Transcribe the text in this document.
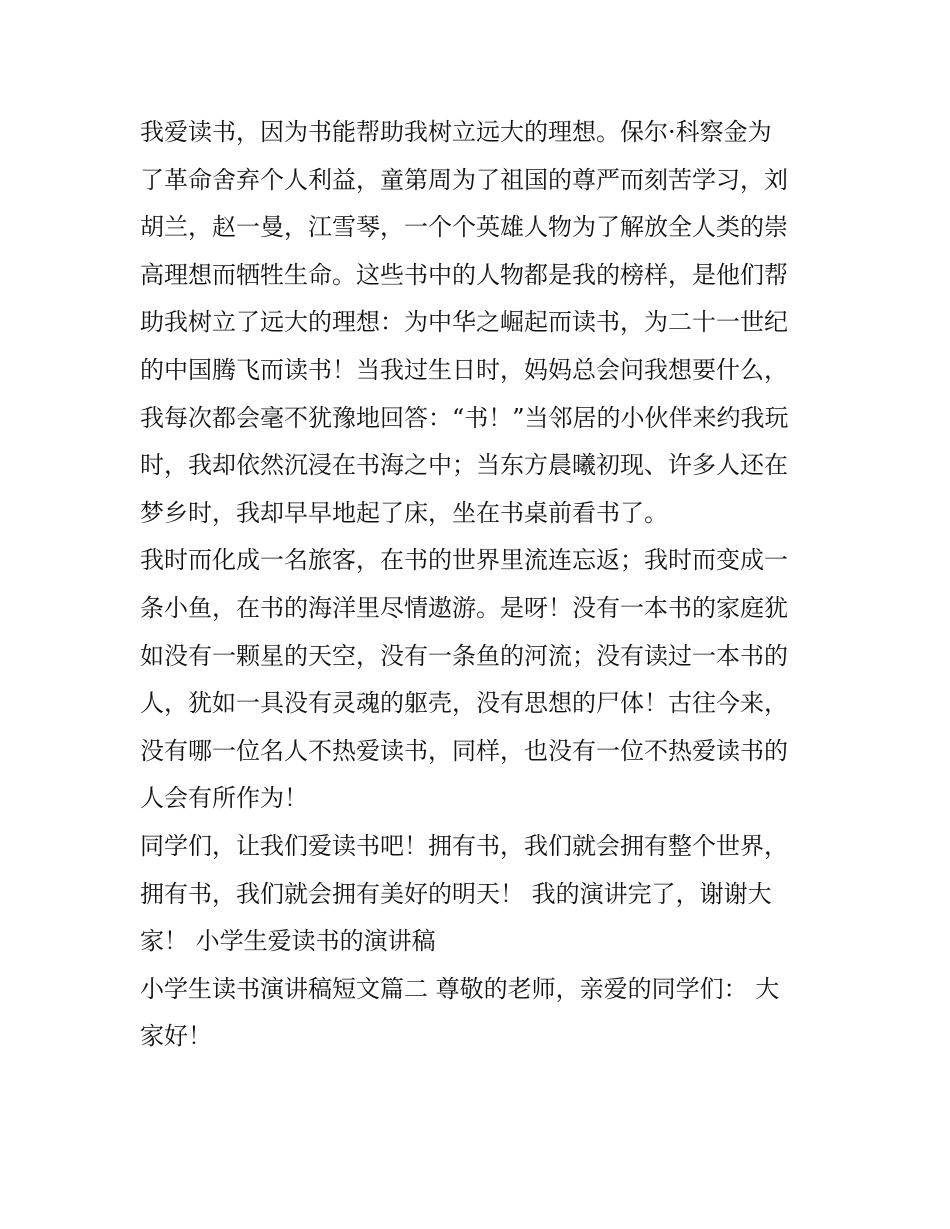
我爱读书，因为书能帮助我树立远大的理想。保尔·科察金为
了革命舍弃个人利益，童第周为了祖国的尊严而刻苦学习，刘
胡兰，赵一曼，江雪琴，一个个英雄人物为了解放全人类的崇
高理想而牺牲生命。这些书中的人物都是我的榜样，是他们帮
助我树立了远大的理想：为中华之崛起而读书，为二十一世纪
的中国腾飞而读书！当我过生日时，妈妈总会问我想要什么，
我每次都会毫不犹豫地回答：“书！”当邻居的小伙伴来约我玩
时，我却依然沉浸在书海之中；当东方晨曦初现、许多人还在
梦乡时，我却早早地起了床，坐在书桌前看书了。

我时而化成一名旅客，在书的世界里流连忘返；我时而变成一
条小鱼，在书的海洋里尽情遨游。是呀！没有一本书的家庭犹
如没有一颗星的天空，没有一条鱼的河流；没有读过一本书的
人，犹如一具没有灵魂的躯壳，没有思想的尸体！古往今来，
没有哪一位名人不热爱读书，同样，也没有一位不热爱读书的
人会有所作为！

同学们，让我们爱读书吧！拥有书，我们就会拥有整个世界，
拥有书，我们就会拥有美好的明天！ 我的演讲完了，谢谢大
家！ 小学生爱读书的演讲稿

小学生读书演讲稿短文篇二 尊敬的老师，亲爱的同学们： 大
家好！
